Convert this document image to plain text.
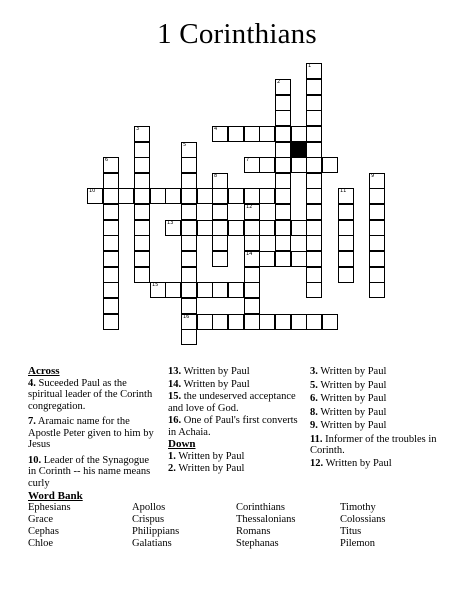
1 Corinthians
1
2
3
5
16
6
8	9
11
12
14
4
7
10
13
15
Across
4. Suceeded Paul as the spiritual leader of the Corinth congregation.
7. Aramaic name for the Apostle Peter given to him by Jesus
10. Leader of the Synagogue in Corinth -- his name means curly
13. Written by Paul
14. Written by Paul
15. the undeserved acceptance and love of God.
16. One of Paul's first converts in Achaia.
Down
1. Written by Paul
2. Written by Paul
3. Written by Paul
5. Written by Paul
6. Written by Paul
8. Written by Paul
9. Written by Paul
11. Informer of the troubles in Corinth.
12. Written by Paul
Word Bank
Ephesians	Apollos	Corinthians	Timothy
Grace	Crispus	Thessalonians	Colossians
Cephas	Philippians	Romans	Titus
Chloe	Galatians	Stephanas	Pilemon
